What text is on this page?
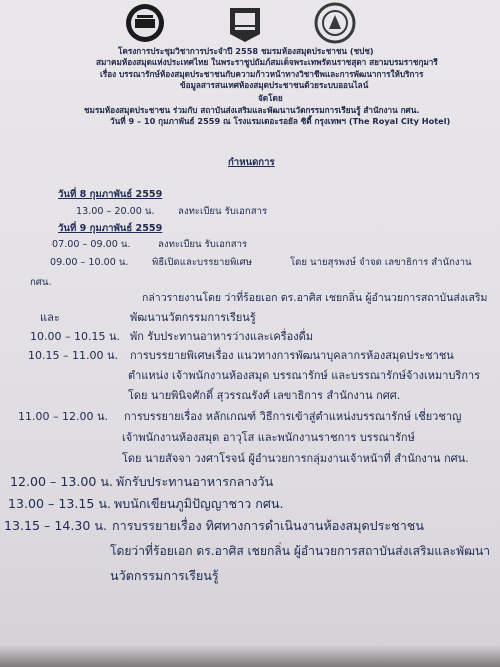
โครงการประชุมวิชาการประจำปี 2558 ชมรมห้องสมุดประชาชน (ชปช)
สมาคมห้องสมุดแห่งประเทศไทย ในพระราชูปถัมภ์สมเด็จพระเทพรัตนราชสุดา สยามบรมราชกุมารี
เรื่อง บรรณารักษ์ห้องสมุดประชาชนกับความก้าวหน้าทางวิชาชีพและการพัฒนาการให้บริการ
ข้อมูลสารสนเทศห้องสมุดประชาชนด้วยระบบออนไลน์
จัดโดย
ชมรมห้องสมุดประชาชน ร่วมกับ สถาบันส่งเสริมและพัฒนานวัตกรรมการเรียนรู้ สำนักงาน กศน.
วันที่ 9 – 10 กุมภาพันธ์ 2559 ณ โรงแรมเดอะรอยัล ซิตี้ กรุงเทพฯ (The Royal City Hotel)
กำหนดการ
วันที่ 8 กุมภาพันธ์ 2559
13.00 – 20.00 น. ลงทะเบียน รับเอกสาร
วันที่ 9 กุมภาพันธ์ 2559
07.00 – 09.00 น.	ลงทะเบียน รับเอกสาร
09.00 – 10.00 น. พิธีเปิดและบรรยายพิเศษ	โดย นายสุรพงษ์ จำจด เลขาธิการ สำนักงาน
กศน.
กล่าวรายงานโดย ว่าที่ร้อยเอก ดร.อาศิส เชยกลิ่น ผู้อำนวยการสถาบันส่งเสริม
และ	พัฒนานวัตกรรมการเรียนรู้
10.00 – 10.15 น. พัก รับประทานอาหารว่างและเครื่องดื่ม
10.15 – 11.00 น. การบรรยายพิเศษเรื่อง แนวทางการพัฒนาบุคลากรห้องสมุดประชาชน
ตำแหน่ง เจ้าพนักงานห้องสมุด บรรณารักษ์ และบรรณารักษ์จ้างเหมาบริการ
โดย นายพินิจศักดิ์ สุวรรณรังศ์ เลขาธิการ สำนักงาน กศศ.
11.00 – 12.00 น. การบรรยายเรื่อง หลักเกณฑ์ วิธีการเข้าสู่ตำแหน่งบรรณารักษ์ เชี่ยวชาญ
เจ้าพนักงานห้องสมุด อาวุโส และพนักงานราชการ บรรณารักษ์
โดย นายสัจจา วงศาโรจน์ ผู้อำนวยการกลุ่มงานเจ้าหน้าที่ สำนักงาน กศน.
12.00 – 13.00 น. พักรับประทานอาหารกลางวัน
13.00 – 13.15 น. พบนักเขียนภูมิปัญญาชาว กศน.
13.15 – 14.30 น. การบรรยายเรื่อง ทิศทางการดำเนินงานห้องสมุดประชาชน
โดยว่าที่ร้อยเอก ดร.อาศิส เชยกลิ่น ผู้อำนวยการสถาบันส่งเสริมและพัฒนา
นวัตกรรมการเรียนรู้
